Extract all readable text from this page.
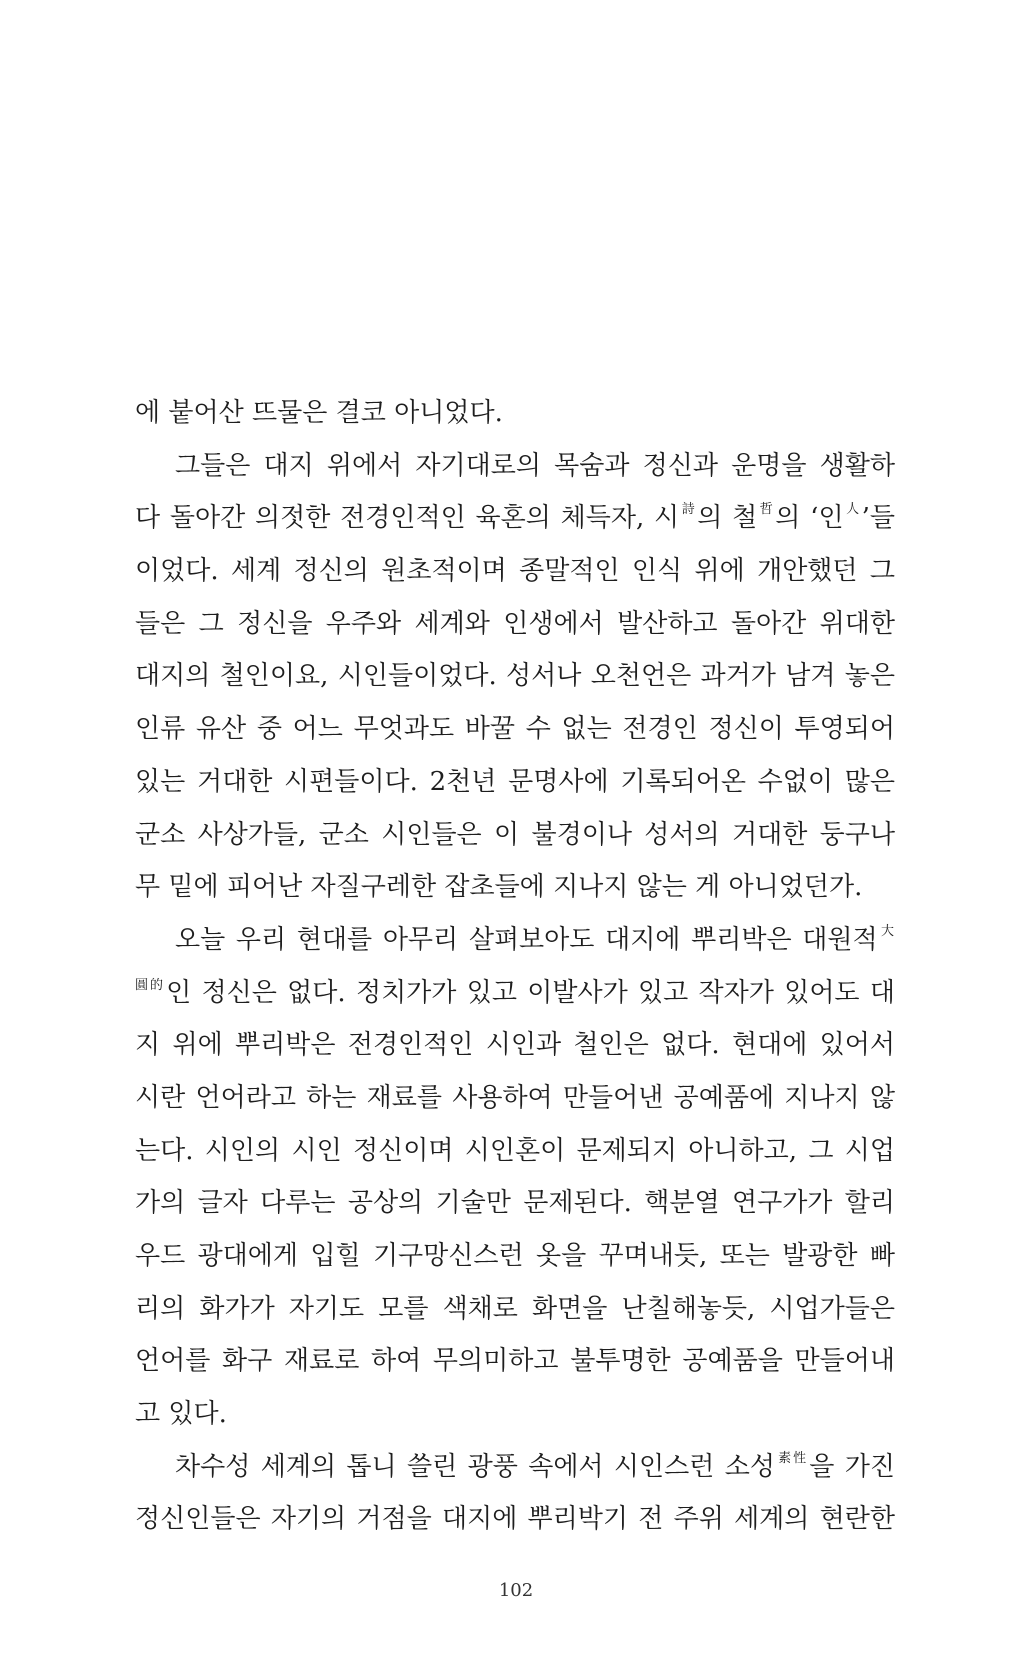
에 붙어산 뜨물은 결코 아니었다.
그들은 대지 위에서 자기대로의 목숨과 정신과 운명을 생활하
다 돌아간 의젓한 전경인적인 육혼의 체득자, 시$^詩$의 철$^哲$의 ‘인$^人$’들
이었다. 세계 정신의 원초적이며 종말적인 인식 위에 개안했던 그
들은 그 정신을 우주와 세계와 인생에서 발산하고 돌아간 위대한
대지의 철인이요, 시인들이었다. 성서나 오천언은 과거가 남겨 놓은
인류 유산 중 어느 무엇과도 바꿀 수 없는 전경인 정신이 투영되어
있는 거대한 시편들이다. 2천년 문명사에 기록되어온 수없이 많은
군소 사상가들, 군소 시인들은 이 불경이나 성서의 거대한 둥구나
무 밑에 피어난 자질구레한 잡초들에 지나지 않는 게 아니었던가.
오늘 우리 현대를 아무리 살펴보아도 대지에 뿌리박은 대원적$^大$
$^{圓的}$인 정신은 없다. 정치가가 있고 이발사가 있고 작자가 있어도 대
지 위에 뿌리박은 전경인적인 시인과 철인은 없다. 현대에 있어서
시란 언어라고 하는 재료를 사용하여 만들어낸 공예품에 지나지 않
는다. 시인의 시인 정신이며 시인혼이 문제되지 아니하고, 그 시업
가의 글자 다루는 공상의 기술만 문제된다. 핵분열 연구가가 할리
우드 광대에게 입힐 기구망신스런 옷을 꾸며내듯, 또는 발광한 빠
리의 화가가 자기도 모를 색채로 화면을 난칠해놓듯, 시업가들은
언어를 화구 재료로 하여 무의미하고 불투명한 공예품을 만들어내
고 있다.
차수성 세계의 톱니 쓸린 광풍 속에서 시인스런 소성$^{素性}$을 가진
정신인들은 자기의 거점을 대지에 뿌리박기 전 주위 세계의 현란한
102
